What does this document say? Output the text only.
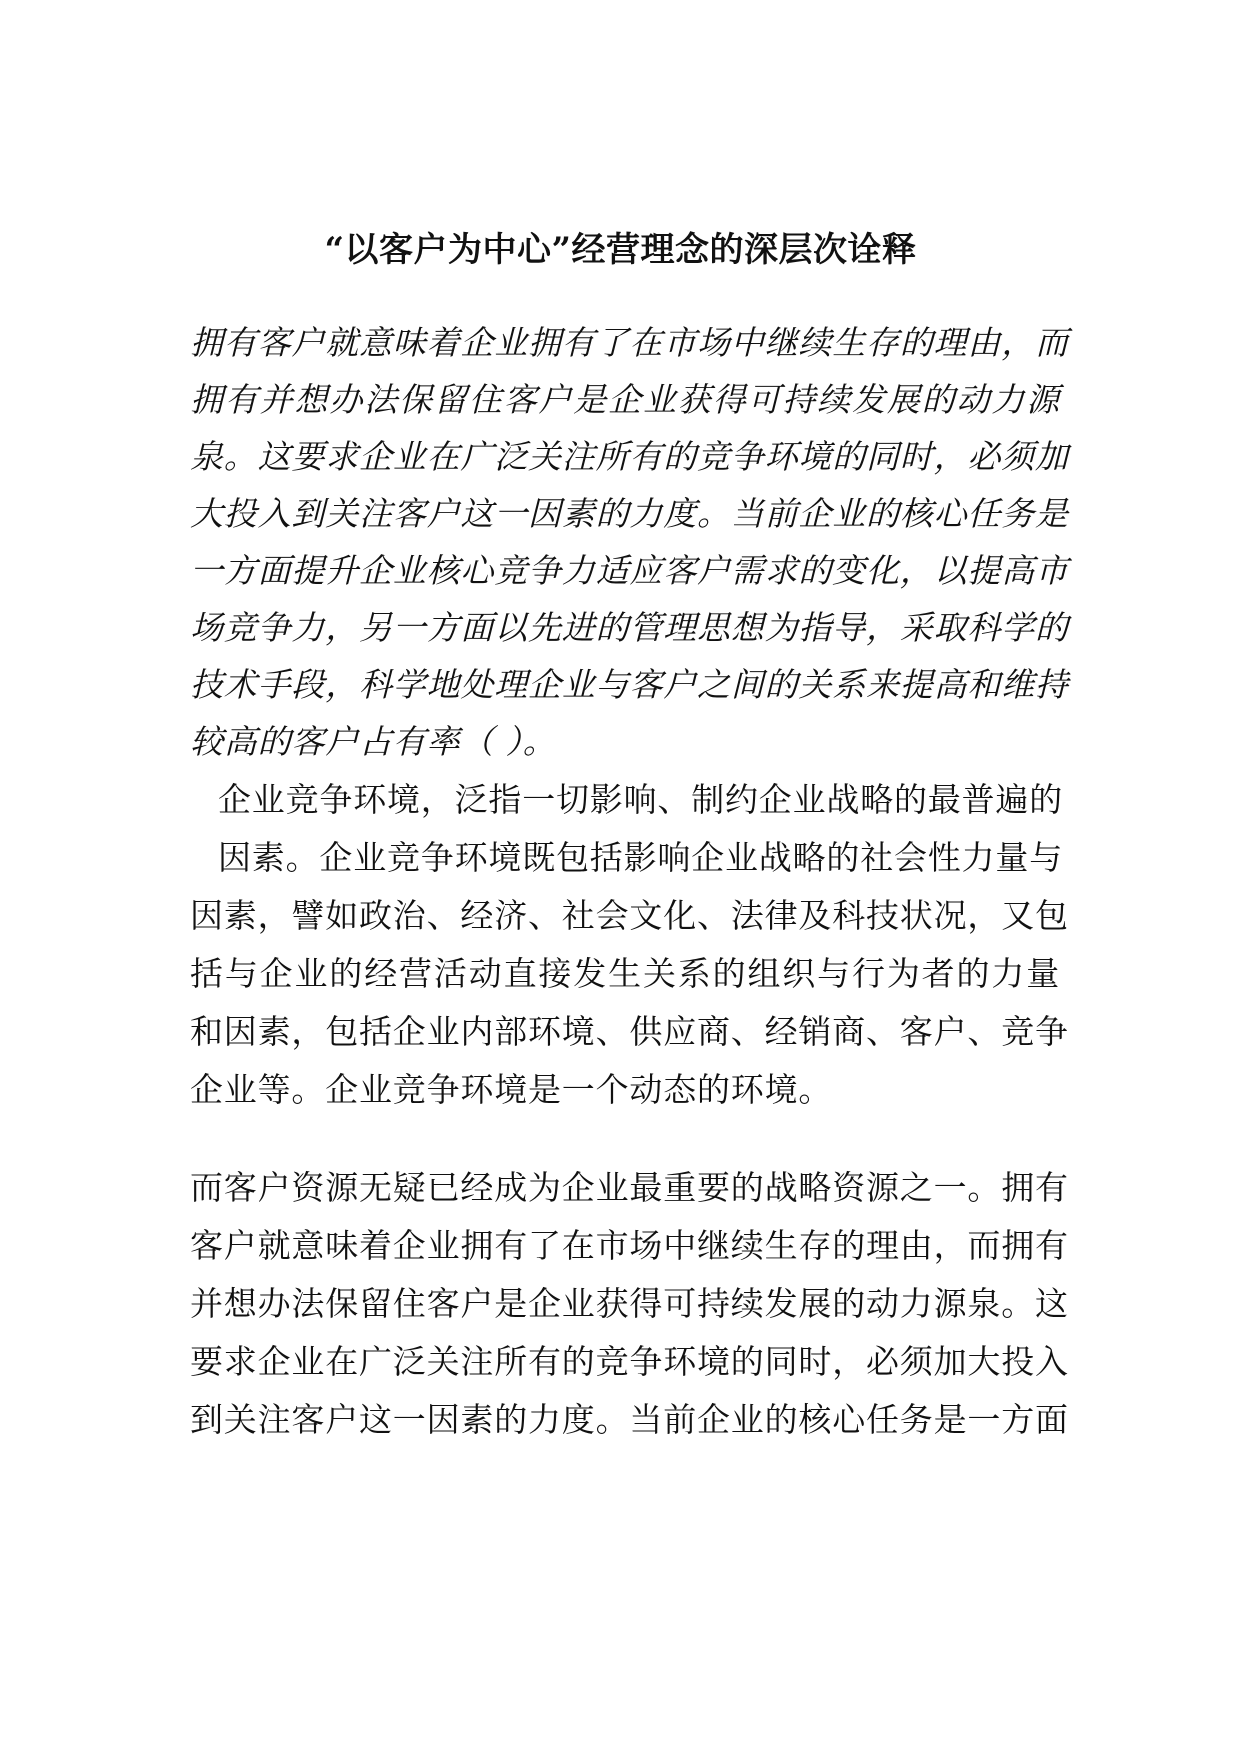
“以客户为中心”经营理念的深层次诠释
拥有客户就意味着企业拥有了在市场中继续生存的理由，而
拥有并想办法保留住客户是企业获得可持续发展的动力源
泉。这要求企业在广泛关注所有的竞争环境的同时，必须加
大投入到关注客户这一因素的力度。当前企业的核心任务是
一方面提升企业核心竞争力适应客户需求的变化，以提高市
场竞争力，另一方面以先进的管理思想为指导，采取科学的
技术手段，科学地处理企业与客户之间的关系来提高和维持
较高的客户占有率（ ）。
企业竞争环境，泛指一切影响、制约企业战略的最普遍的
因素。企业竞争环境既包括影响企业战略的社会性力量与
因素，譬如政治、经济、社会文化、法律及科技状况，又包
括与企业的经营活动直接发生关系的组织与行为者的力量
和因素，包括企业内部环境、供应商、经销商、客户、竞争
企业等。企业竞争环境是一个动态的环境。
而客户资源无疑已经成为企业最重要的战略资源之一。拥有
客户就意味着企业拥有了在市场中继续生存的理由，而拥有
并想办法保留住客户是企业获得可持续发展的动力源泉。这
要求企业在广泛关注所有的竞争环境的同时，必须加大投入
到关注客户这一因素的力度。当前企业的核心任务是一方面
